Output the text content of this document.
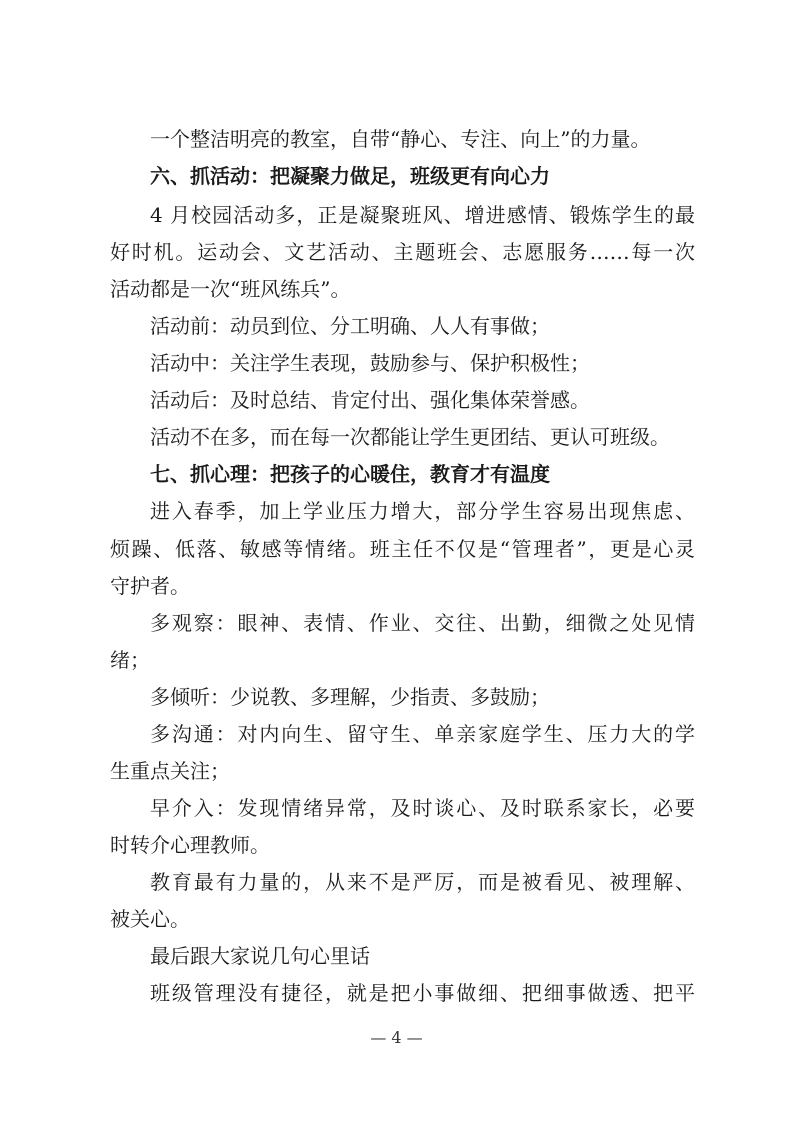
一个整洁明亮的教室，自带“静心、专注、向上”的力量。
六、抓活动：把凝聚力做足，班级更有向心力
4 月校园活动多，正是凝聚班风、增进感情、锻炼学生的最
好时机。运动会、文艺活动、主题班会、志愿服务……每一次
活动都是一次“班风练兵”。
活动前：动员到位、分工明确、人人有事做；
活动中：关注学生表现，鼓励参与、保护积极性；
活动后：及时总结、肯定付出、强化集体荣誉感。
活动不在多，而在每一次都能让学生更团结、更认可班级。
七、抓心理：把孩子的心暖住，教育才有温度
进入春季，加上学业压力增大，部分学生容易出现焦虑、
烦躁、低落、敏感等情绪。班主任不仅是“管理者”，更是心灵
守护者。
多观察：眼神、表情、作业、交往、出勤，细微之处见情
绪；
多倾听：少说教、多理解，少指责、多鼓励；
多沟通：对内向生、留守生、单亲家庭学生、压力大的学
生重点关注；
早介入：发现情绪异常，及时谈心、及时联系家长，必要
时转介心理教师。
教育最有力量的，从来不是严厉，而是被看见、被理解、
被关心。
最后跟大家说几句心里话
班级管理没有捷径，就是把小事做细、把细事做透、把平
— 4 —
